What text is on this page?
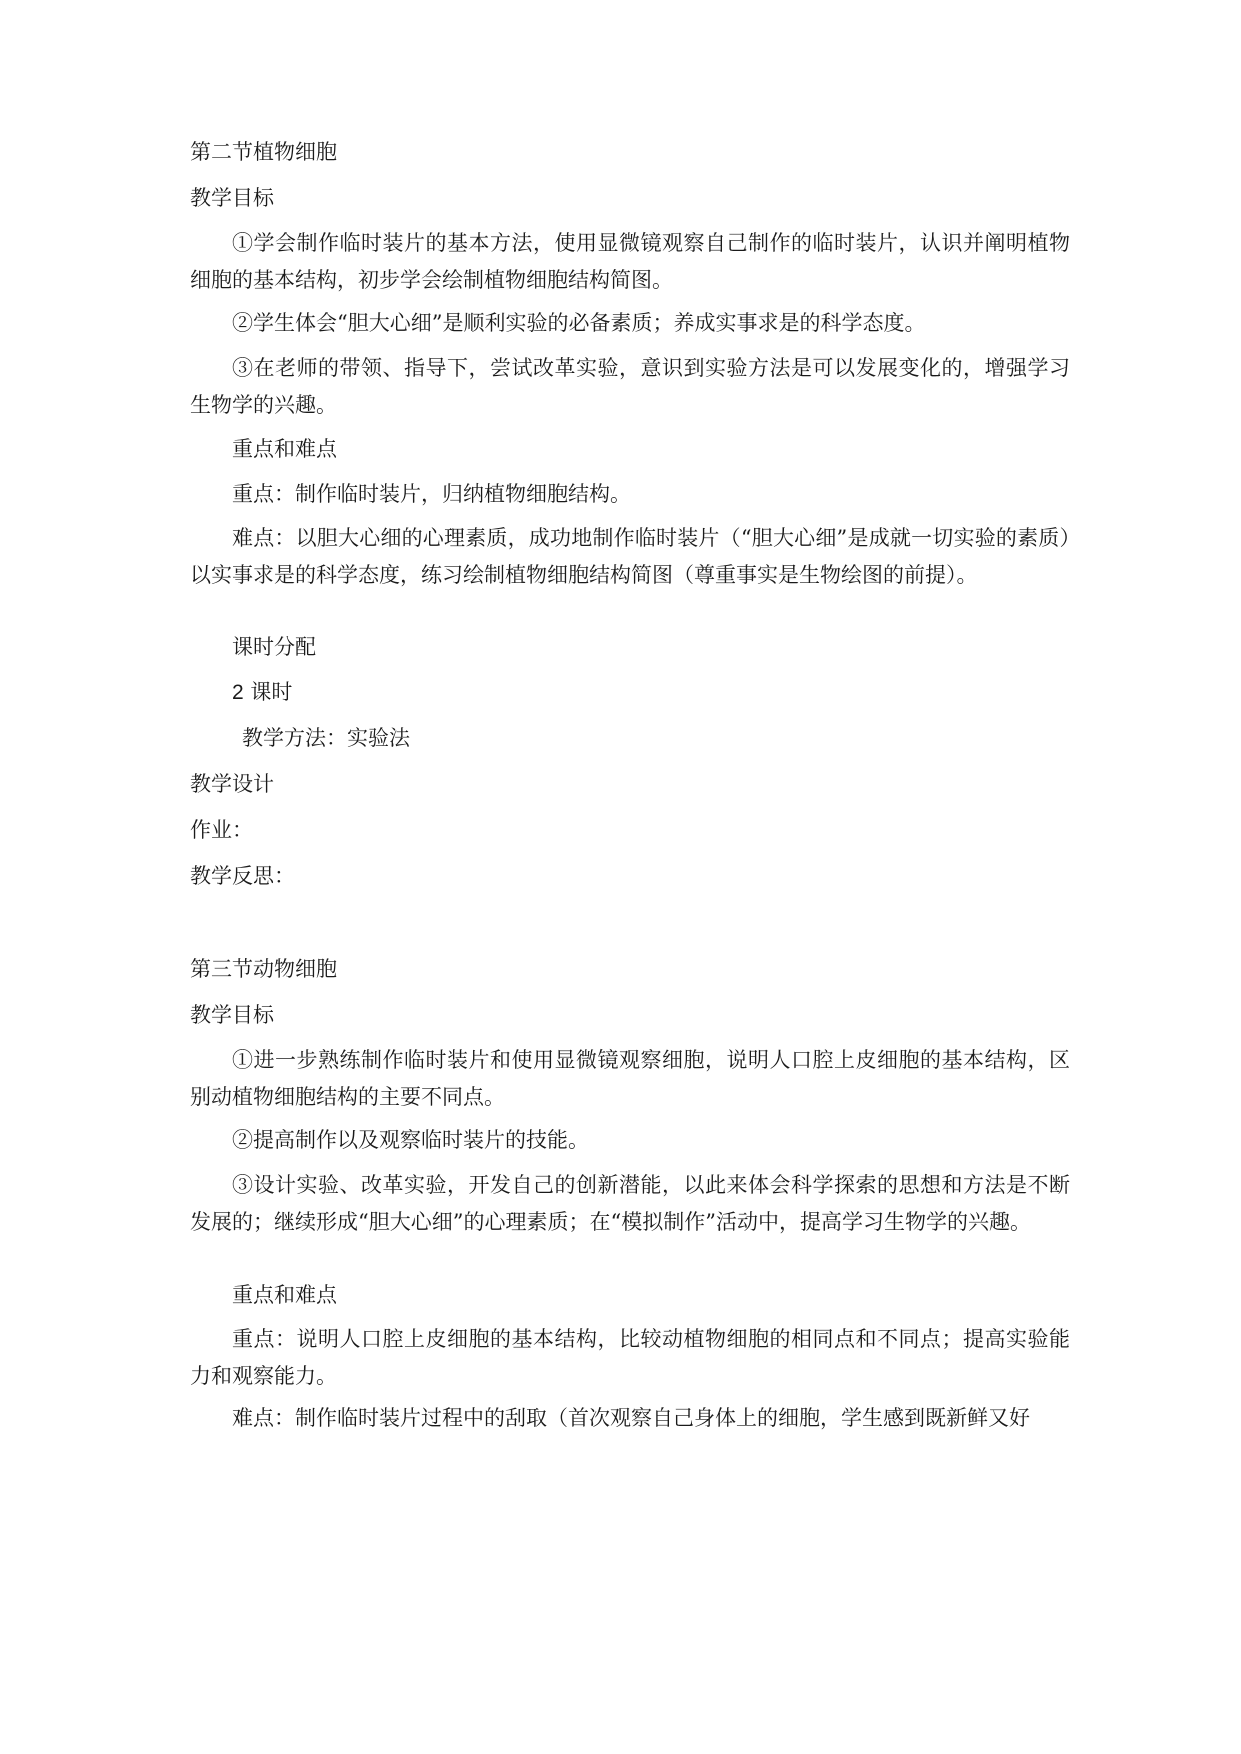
第二节植物细胞

教学目标

①学会制作临时装片的基本方法，使用显微镜观察自己制作的临时装片，认识并阐明植物细胞的基本结构，初步学会绘制植物细胞结构简图。

②学生体会“胆大心细”是顺利实验的必备素质；养成实事求是的科学态度。

③在老师的带领、指导下，尝试改革实验，意识到实验方法是可以发展变化的，增强学习生物学的兴趣。

重点和难点

重点：制作临时装片，归纳植物细胞结构。

难点：以胆大心细的心理素质，成功地制作临时装片（“胆大心细”是成就一切实验的素质）以实事求是的科学态度，练习绘制植物细胞结构简图（尊重事实是生物绘图的前提）。

课时分配

2 课时

教学方法：实验法

教学设计

作业：

教学反思：

第三节动物细胞

教学目标

①进一步熟练制作临时装片和使用显微镜观察细胞，说明人口腔上皮细胞的基本结构，区别动植物细胞结构的主要不同点。

②提高制作以及观察临时装片的技能。

③设计实验、改革实验，开发自己的创新潜能，以此来体会科学探索的思想和方法是不断发展的；继续形成“胆大心细”的心理素质；在“模拟制作”活动中，提高学习生物学的兴趣。

重点和难点

重点：说明人口腔上皮细胞的基本结构，比较动植物细胞的相同点和不同点；提高实验能力和观察能力。

难点：制作临时装片过程中的刮取（首次观察自己身体上的细胞，学生感到既新鲜又好
